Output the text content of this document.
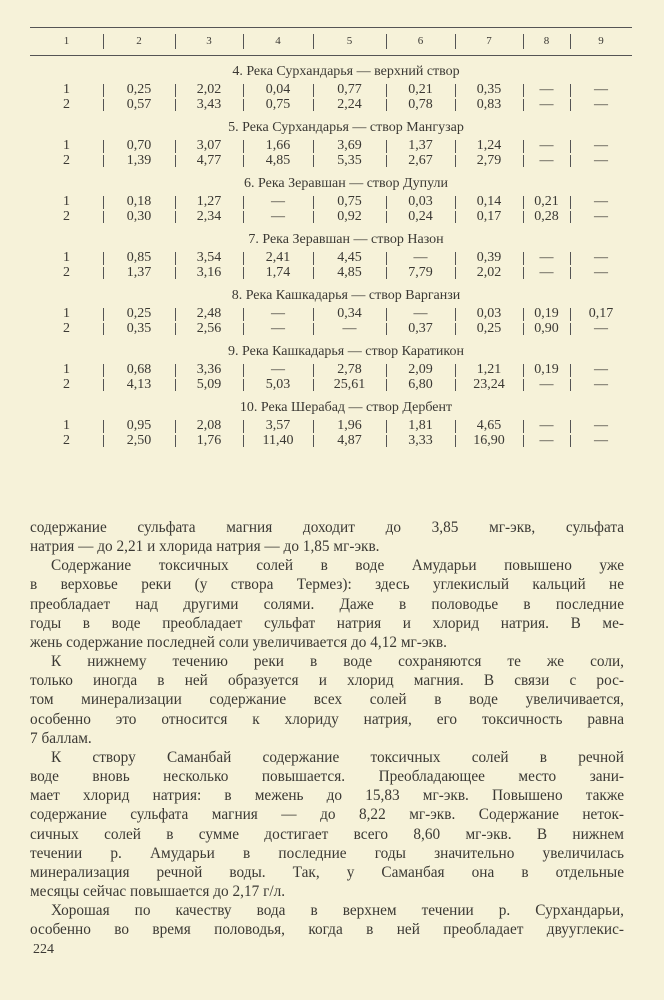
1	2	3	4	5	6	7	8	9
4. Река Сурхандарья — верхний створ
1	0,25	2,02	0,04	0,77	0,21	0,35	—	—
2	0,57	3,43	0,75	2,24	0,78	0,83	—	—
5. Река Сурхандарья — створ Мангузар
1	0,70	3,07	1,66	3,69	1,37	1,24	—	—
2	1,39	4,77	4,85	5,35	2,67	2,79	—	—
6. Река Зеравшан — створ Дупули
1	0,18	1,27	—	0,75	0,03	0,14	0,21	—
2	0,30	2,34	—	0,92	0,24	0,17	0,28	—
7. Река Зеравшан — створ Назон
1	0,85	3,54	2,41	4,45	—	0,39	—	—
2	1,37	3,16	1,74	4,85	7,79	2,02	—	—
8. Река Кашкадарья — створ Варганзи
1	0,25	2,48	—	0,34	—	0,03	0,19	0,17
2	0,35	2,56	—	—	0,37	0,25	0,90	—
9. Река Кашкадарья — створ Каратикон
1	0,68	3,36	—	2,78	2,09	1,21	0,19	—
2	4,13	5,09	5,03	25,61	6,80	23,24	—	—
10. Река Шерабад — створ Дербент
1	0,95	2,08	3,57	1,96	1,81	4,65	—	—
2	2,50	1,76	11,40	4,87	3,33	16,90	—	—
содержание сульфата магния доходит до 3,85 мг-экв, сульфата
натрия — до 2,21 и хлорида натрия — до 1,85 мг-экв.
Содержание токсичных солей в воде Амударьи повышено уже
в верховье реки (у створа Термез): здесь углекислый кальций не
преобладает над другими солями. Даже в половодье в последние
годы в воде преобладает сульфат натрия и хлорид натрия. В ме-
жень содержание последней соли увеличивается до 4,12 мг-экв.
К нижнему течению реки в воде сохраняются те же соли,
только иногда в ней образуется и хлорид магния. В связи с рос-
том минерализации содержание всех солей в воде увеличивается,
особенно это относится к хлориду натрия, его токсичность равна
7 баллам.
К створу Саманбай содержание токсичных солей в речной
воде вновь несколько повышается. Преобладающее место зани-
мает хлорид натрия: в межень до 15,83 мг-экв. Повышено также
содержание сульфата магния — до 8,22 мг-экв. Содержание неток-
сичных солей в сумме достигает всего 8,60 мг-экв. В нижнем
течении р. Амударьи в последние годы значительно увеличилась
минерализация речной воды. Так, у Саманбая она в отдельные
месяцы сейчас повышается до 2,17 г/л.
Хорошая по качеству вода в верхнем течении р. Сурхандарьи,
особенно во время половодья, когда в ней преобладает двууглекис-
224
